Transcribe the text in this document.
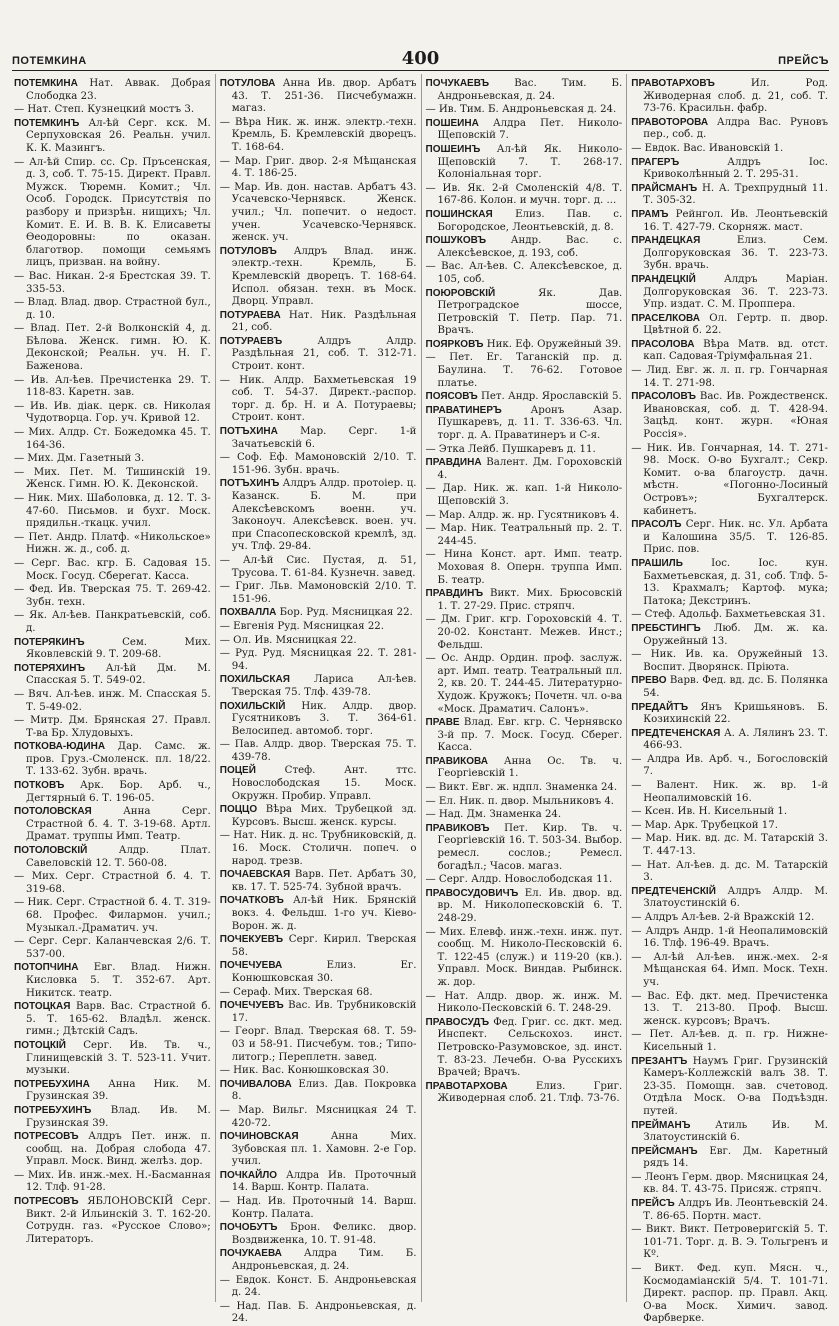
ПОТЕМКИНА	400	ПРЕЙСЪ

ПОТЕМКИНА Нат. Аввак. Добрая Слободка 23.

— Нат. Степ. Кузнецкий мостъ 3.

ПОТЕМКИНЪ Ал-ѣй Серг. кск. М. Серпуховская 26. Реальн. учил. К. К. Мазингъ.

— Ал-ѣй Спир. сс. Ср. Пръсенская, д. 3, соб. Т. 75-15. Директ. Правл. Мужск. Тюремн. Комит.; Чл. Особ. Городск. Присутствія по разбору и призрѣн. нищихъ; Чл. Комит. Е. И. В. В. К. Елисаветы Ѳеодоровны: по оказан. благотвор. помощи семьямъ лицъ, призван. на войну.

— Вас. Никан. 2-я Брестская 39. Т. 335-53.

— Влад. Влад. двор. Страстной бул., д. 10.

— Влад. Пет. 2-й Волконскій 4, д. Бѣлова. Женск. гимн. Ю. К. Деконской; Реальн. уч. Н. Г. Баженова.

— Ив. Ал-ѣев. Пречистенка 29. Т. 118-83. Каретн. зав.

— Ив. Ив. діак. церк. св. Николая Чудотворца. Гор. уч. Кривой 12.

— Мих. Алдр. Ст. Божедомка 45. Т. 164-36.

— Мих. Дм. Газетный 3.

— Мих. Пет. М. Тишинскій 19. Женск. Гимн. Ю. К. Деконской.

— Ник. Мих. Шаболовка, д. 12. Т. 3-47-60. Письмов. и бухг. Моск. прядильн.-ткацк. учил.

— Пет. Андр. Платф. «Никольское» Нижн. ж. д., соб. д.

— Серг. Вас. кгр. Б. Садовая 15. Моск. Госуд. Сберегат. Касса.

— Фед. Ив. Тверская 75. Т. 269-42. Зубн. техн.

— Як. Ал-ѣев. Панкратьевскій, соб. д.

ПОТЕРЯКИНЪ	Сем. Мих. Яковлевскій 9. Т. 209-68.

ПОТЕРЯХИНЪ Ал-ѣй Дм. М. Спасская 5. Т. 549-02.

— Вяч. Ал-ѣев. инж. М. Спасская 5. Т. 5-49-02.

— Митр. Дм. Брянская 27. Правл. Т-ва Бр. Хлудовыхъ.

ПОТКОВА-ЮДИНА Дар. Самс. ж. пров. Груз.-Смоленск. пл. 18/22. Т. 133-62. Зубн. врачь.

ПОТКОВЪ Арк. Бор. Арб. ч., Дегтярный 6. Т. 196-05.

ПОТОЛОВСКАЯ	Анна Серг. Страстной б. 4. Т. 3-19-68. Артл. Драмат. труппы Имп. Театр.

ПОТОЛОВСКІЙ	Алдр. Плат. Савеловскій 12. Т. 560-08.

— Мих. Серг. Страстной б. 4. Т. 319-68.

— Ник. Серг. Страстной б. 4. Т. 319-68. Профес. Филармон. учил.; Музыкал.-Драматич. уч.

— Серг. Серг. Каланчевская 2/6. Т. 537-00.

ПОТОПЧИНА Евг. Влад. Нижн. Кисловка 5. Т. 352-67. Арт. Никитск. театр.

ПОТОЦКАЯ Варв. Вас. Страстной б. 5. Т. 165-62. Владѣл. женск. гимн.; Дѣтскій Садъ.

ПОТОЦКІЙ Серг. Ив. Тв. ч., Глинищевскій 3. Т. 523-11. Учит. музыки.

ПОТРЕБУХИНА Анна Ник. М. Грузинская 39.

ПОТРЕБУХИНЪ Влад. Ив. М. Грузинская 39.

ПОТРЕСОВЪ Алдръ Пет. инж. п. сообщ. на. Добрая слобода 47. Управл. Моск. Винд. желѣз. дор.

— Мих. Ив. инж.-мех. Н.-Басманная 12. Тлф. 91-28.

ПОТРЕСОВЪ ЯБЛОНОВСКІЙ Серг. Викт. 2-й Ильинскій 3. Т. 162-20. Сотрудн. газ. «Русское Слово»; Литераторъ.

ПОТУЛОВА Анна Ив. двор. Арбатъ 43. Т. 251-36. Писчебумажн. магаз.

— Вѣра Ник. ж. инж. электр.-техн. Кремль, Б. Кремлевскій дворецъ. Т. 168-64.

— Мар. Григ. двор. 2-я Мѣщанская 4. Т. 186-25.

— Мар. Ив. дон. настав. Арбатъ 43. Усачевско-Чернявск. Женск. учил.; Чл. попечит. о недост. учен. Усачевско-Чернявск. женск. уч.

ПОТУЛОВЪ Алдръ Влад. инж. электр.-техн. Кремль, Б. Кремлевскій дворецъ. Т. 168-64. Испол. обязан. техн. въ Моск. Дворц. Управл.

ПОТУРАЕВА Нат. Ник. Раздѣльная 21, соб.

ПОТУРАЕВЪ	Алдръ Алдр. Раздѣльная 21, соб. Т. 312-71. Строит. конт.

— Ник. Алдр. Бахметьевская 19 соб. Т. 54-37. Директ.-распор. торг. д. бр. Н. и А. Потураевы; Строит. конт.

ПОТЪХИНА Мар. Серг. 1-й Зачатьевскій 6.

— Соф. Еф. Мамоновскій 2/10. Т. 151-96. Зубн. врачь.

ПОТЪХИНЪ Алдръ Алдр. протоіер. ц. Казанск. Б. М. при Алексѣевскомъ военн. уч. Законоуч. Алексѣевск. воен. уч. при Спасопесковской кремлѣ, зд. уч. Тлф. 29-84.

— Ал-ѣй Сис. Пустая, д. 51, Трусова. Т. 61-84. Кузнечн. завед.

— Григ. Льв. Мамоновскій 2/10. Т. 151-96.

ПОХВАЛЛА Бор. Руд. Мясницкая 22.

— Евгенія Руд. Мясницкая 22.

— Ол. Ив. Мясницкая 22.

— Руд. Руд. Мясницкая 22. Т. 281-94.

ПОХИЛЬСКАЯ Лариса Ал-ѣев. Тверская 75. Тлф. 439-78.

ПОХИЛЬСКІЙ Ник. Алдр. двор. Гусятниковъ 3. Т. 364-61. Велосипед. автомоб. торг.

— Пав. Алдр. двор. Тверская 75. Т. 439-78.

ПОЦЕЙ	Стеф. Ант. ттс. Новослободская 15. Моск. Окружн. Пробир. Управл.

ПОЦЦО Вѣра Мих. Трубецкой зд. Курсовъ. Высш. женск. курсы.

— Нат. Ник. д. нс. Трубниковскій, д. 16. Моск. Столичн. попеч. о народ. трезв.

ПОЧАЕВСКАЯ Варв. Пет. Арбатъ 30, кв. 17. Т. 525-74. Зубной врачъ.

ПОЧАТКОВЪ Ал-ѣй Ник. Брянскій вокз. 4. Фельдш. 1-го уч. Кіево-Ворон. ж. д.

ПОЧЕКУЕВЪ Серг. Кирил. Тверская 58.

ПОЧЕЧУЕВА	Елиз. Ег. Конюшковская 30.

— Сераф. Мих. Тверская 68.

ПОЧЕЧУЕВЪ Вас. Ив. Трубниковскій 17.

— Георг. Влад. Тверская 68. Т. 59-03 и 58-91. Писчебум. тов.; Типо-литогр.; Переплетн. завед.

— Ник. Вас. Конюшковская 30.

ПОЧИВАЛОВА Елиз. Дав. Покровка 8.

— Мар. Вильг. Мясницкая 24 Т. 420-72.

ПОЧИНОВСКАЯ	Анна Мих. Зубовская пл. 1. Хамовн. 2-е Гор. учил.

ПОЧКАЙЛО Алдра Ив. Проточный 14. Варш. Контр. Палата.

— Над. Ив. Проточный 14. Варш. Контр. Палата.

ПОЧОБУТЪ Брон. Феликс. двор. Воздвиженка, 10. Т. 91-48.

ПОЧУКАЕВА Алдра Тим. Б. Андроньевская, д. 24.

— Евдок. Конст. Б. Андроньевская д. 24.

— Над. Пав. Б. Андроньевская, д. 24.

ПОЧУКАЕВЪ Вас. Тим. Б. Андроньевская, д. 24.

— Ив. Тим. Б. Андроньевская д. 24.

ПОШЕИНА Алдра Пет. Николо-Щеповскій 7.

ПОШЕИНЪ Ал-ѣй Як. Николо-Щеповскій 7. Т. 268-17. Колоніальная торг.

— Ив. Як. 2-й Смоленскій 4/8. Т. 167-86. Колон. и мучн. торг. д. ...

ПОШИНСКАЯ Елиз. Пав. с. Богородское, Леонтьевскій, д. 8.

ПОШУКОВЪ Андр. Вас. с. Алексѣевское, д. 193, соб.

— Вас. Ал-ѣев. С. Алексѣевское, д. 105, соб.

ПОЮРОВСКІЙ	Як. Дав. Петроградское шоссе, Петровскій Т. Петр. Пар. 71. Врачъ.

ПОЯРКОВЪ Ник. Еф. Оружейный 39.

— Пет. Ег. Таганскій пр. д. Баулина. Т. 76-62. Готовое платье.

ПОЯСОВЪ Пет. Андр. Ярославскій 5.

ПРАВАТИНЕРЪ	Аронъ Азар. Пушкаревъ, д. 11. Т. 336-63. Чл. торг. д. А. Праватинеръ и С-я.

— Этка Лейб. Пушкаревъ д. 11.

ПРАВДИНА Валент. Дм. Гороховскій 4.

— Дар. Ник. ж. кап. 1-й Николо-Щеповскій 3.

— Мар. Алдр. ж. нр. Гусятниковъ 4.

— Мар. Ник. Театральный пр. 2. Т. 244-45.

— Нина Конст. арт. Имп. театр. Моховая 8. Оперн. труппа Имп. Б. театр.

ПРАВДИНЪ Викт. Мих. Брюсовскій 1. Т. 27-29. Прис. стряпч.

— Дм. Григ. кгр. Гороховскій 4. Т. 20-02. Констант. Межев. Инст.; Фельдш.

— Ос. Андр. Ордин. проф. заслуж. арт. Имп. театр. Театральный пл. 2, кв. 20. Т. 244-45. Литературно-Худож. Кружокъ; Почетн. чл. о-ва «Моск. Драматич. Салонъ».

ПРАВЕ Влад. Евг. кгр. С. Чернявско 3-й пр. 7. Моск. Госуд. Сберег. Касса.

ПРАВИКОВА Анна Ос. Тв. ч. Георгіевскій 1.

— Викт. Евг. ж. ндпл. Знаменка 24.

— Ел. Ник. п. двор. Мыльниковъ 4.

— Над. Дм. Знаменка 24.

ПРАВИКОВЪ Пет. Кир. Тв. ч. Георгіевскій 16. Т. 503-34. Выбор. ремесл. сослов.; Ремесл. богадѣл.; Часов. магаз.

— Серг. Алдр. Новослободская 11.

ПРАВОСУДОВИЧЪ Ел. Ив. двор. вд. вр. М. Николопесковскій 6. Т. 248-29.

— Мих. Елевф. инж.-техн. инж. пут. сообщ. М. Николо-Песковскій 6. Т. 122-45 (служ.) и 119-20 (кв.). Управл. Моск. Виндав. Рыбинск. ж. дор.

— Нат. Алдр. двор. ж. инж. М. Николо-Песковскій 6. Т. 248-29.

ПРАВОСУДЪ Фед. Григ. сс. дкт. мед. Инспект. Сельскохоз. инст. Петровско-Разумовское, зд. инст. Т. 83-23. Лечебн. О-ва Русскихъ Врачей; Врачъ.

ПРАВОТАРХОВА	Елиз. Григ. Живодерная слоб. 21. Тлф. 73-76.

ПРАВОТАРХОВЪ	Ил. Род. Живодерная слоб. д. 21, соб. Т. 73-76. Красильн. фабр.

ПРАВОТОРОВА Алдра Вас. Руновъ пер., соб. д.

— Евдок. Вас. Ивановскій 1.

ПРАГЕРЪ	Алдръ Іос. Кривоколѣнный 2. Т. 295-31.

ПРАЙСМАНЪ Н. А. Трехпрудный 11. Т. 305-32.

ПРАМЪ Рейнгол. Ив. Леонтьевскій 16. Т. 427-79. Скорняж. маст.

ПРАНДЕЦКАЯ	Елиз. Сем. Долгоруковская 36. Т. 223-73. Зубн. врачь.

ПРАНДЕЦКІЙ	Алдръ Маріан. Долгоруковская 36. Т. 223-73. Упр. издат. С. М. Проппера.

ПРАСЕЛКОВА Ол. Гертр. п. двор. Цвѣтной б. 22.

ПРАСОЛОВА Вѣра Матв. вд. отст. кап. Садовая-Тріумфальная 21.

— Лид. Евг. ж. л. п. гр. Гончарная 14. Т. 271-98.

ПРАСОЛОВЪ Вас. Ив. Рождественск. Ивановская, соб. д. Т. 428-94. Зацѣд. конт. журн. «Юная Россія».

— Ник. Ив. Гончарная, 14. Т. 271-98. Моск. О-во Бухгалт.; Секр. Комит. о-ва благоустр. дачн. мѣстн. «Погонно-Лосиный Островъ»; Бухгалтерск. кабинетъ.

ПРАСОЛЪ Серг. Ник. нс. Ул. Арбата и Калошина 35/5. Т. 126-85. Прис. пов.

ПРАШИЛЬ	Іос. Іос. кун. Бахметьевская, д. 31, соб. Тлф. 5-13. Крахмалъ; Картоф. мука; Патока; Декстринъ.

— Стеф. Адольф. Бахметьевская 31.

ПРЕБСТИНГЪ Люб. Дм. ж. ка. Оружейный 13.

— Ник. Ив. ка. Оружейный 13. Воспит. Дворянск. Пріюта.

ПРЕВО Варв. Фед. вд. дс. Б. Полянка 54.

ПРЕДАЙТЪ Янъ Кришьяновъ. Б. Козихинскій 22.

ПРЕДТЕЧЕНСКАЯ А. А. Лялинъ 23. Т. 466-93.

— Алдра Ив. Арб. ч., Богословскій 7.

— Валент. Ник. ж. вр. 1-й Неопалимовскій 16.

— Ксен. Ив. Н. Кисельный 1.

— Мар. Арк. Трубецкой 17.

— Мар. Ник. вд. дс. М. Татарскій 3. Т. 447-13.

— Нат. Ал-ѣев. д. дс. М. Татарскій 3.

ПРЕДТЕЧЕНСКІЙ Алдръ Алдр. М. Златоустинскій 6.

— Алдръ Ал-ѣев. 2-й Вражскій 12.

— Алдръ Андр. 1-й Неопалимовскій 16. Тлф. 196-49. Врачъ.

— Ал-ѣй Ал-ѣев. инж.-мех. 2-я Мѣщанская 64. Имп. Моск. Техн. уч.

— Вас. Еф. дкт. мед. Пречистенка 13. Т. 213-80. Проф. Высш. женск. курсовъ; Врачъ.

— Пет. Ал-ѣев. д. п. гр. Нижне-Кисельный 1.

ПРЕЗАНТЪ Наумъ Григ. Грузинскій Камеръ-Коллежскій валъ 38. Т. 23-35. Помощн. зав. счетовод. Отдѣла Моск. О-ва Подъѣздн. путей.

ПРЕЙМАНЪ Атиль Ив. М. Златоустинскій 6.

ПРЕЙСМАНЪ Евг. Дм. Каретный рядъ 14.

— Леонъ Герм. двор. Мясницкая 24, кв. 84. Т. 43-75. Присяж. стряпч.

ПРЕЙСЪ Алдръ Ив. Леонтьевскій 24. Т. 86-65. Портн. маст.

— Викт. Викт. Петроверигскій 5. Т. 101-71. Торг. д. В. Э. Тольгренъ и Кº.

— Викт. Фед. куп. Мясн. ч., Космодаміанскій 5/4. Т. 101-71. Директ. распор. пр. Правл. Акц. О-ва Моск. Химич. завод. Фарбверке.
